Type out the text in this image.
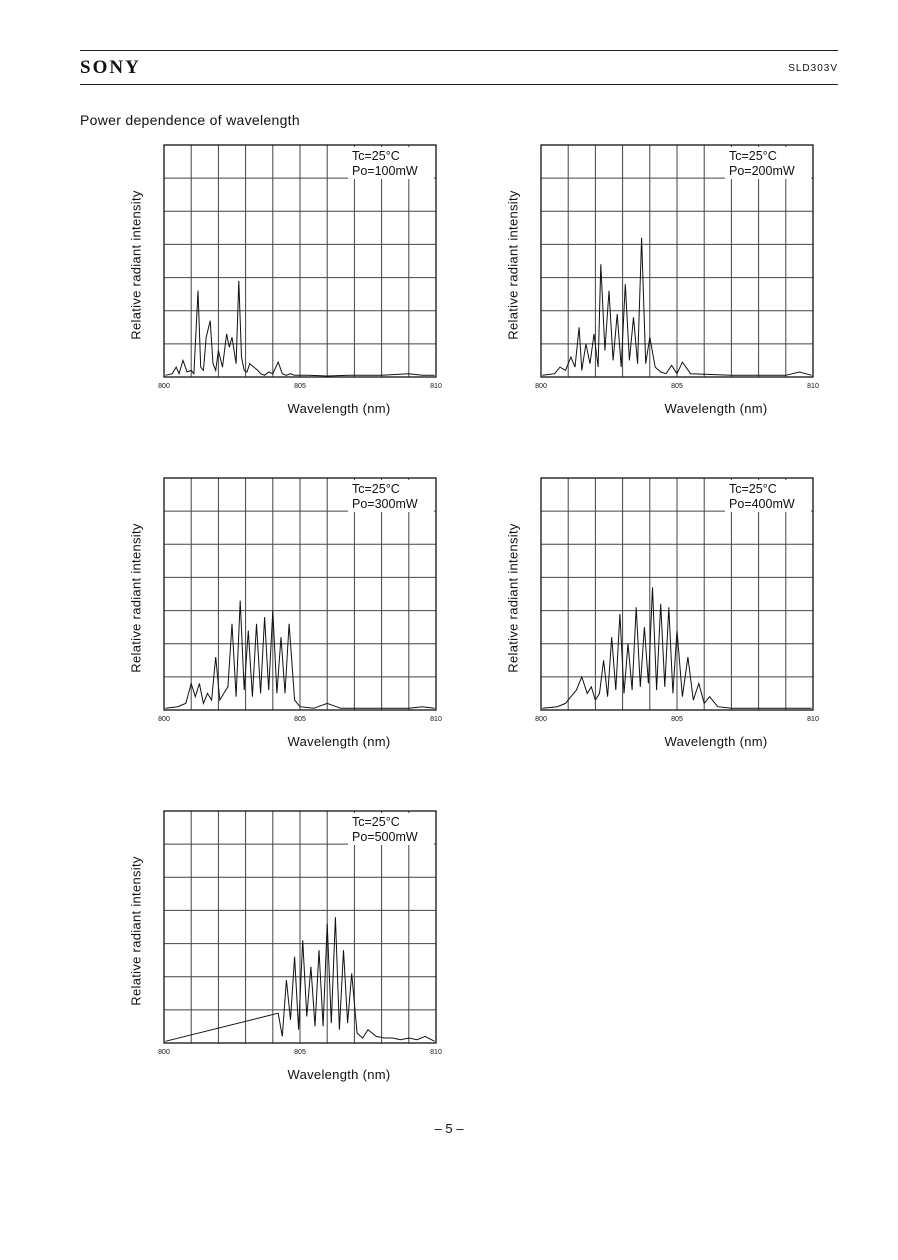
SONY	SLD303V
Power dependence of wavelength
Relative radiant intensity
Tc=25°C
Po=100mW
800	805	810
Wavelength (nm)
Relative radiant intensity
Tc=25°C
Po=200mW
800	805	810
Wavelength (nm)
Relative radiant intensity
Tc=25°C
Po=300mW
800	805	810
Wavelength (nm)
Relative radiant intensity
Tc=25°C
Po=400mW
800	805	810
Wavelength (nm)
Relative radiant intensity
Tc=25°C
Po=500mW
800	805	810
Wavelength (nm)
– 5 –
